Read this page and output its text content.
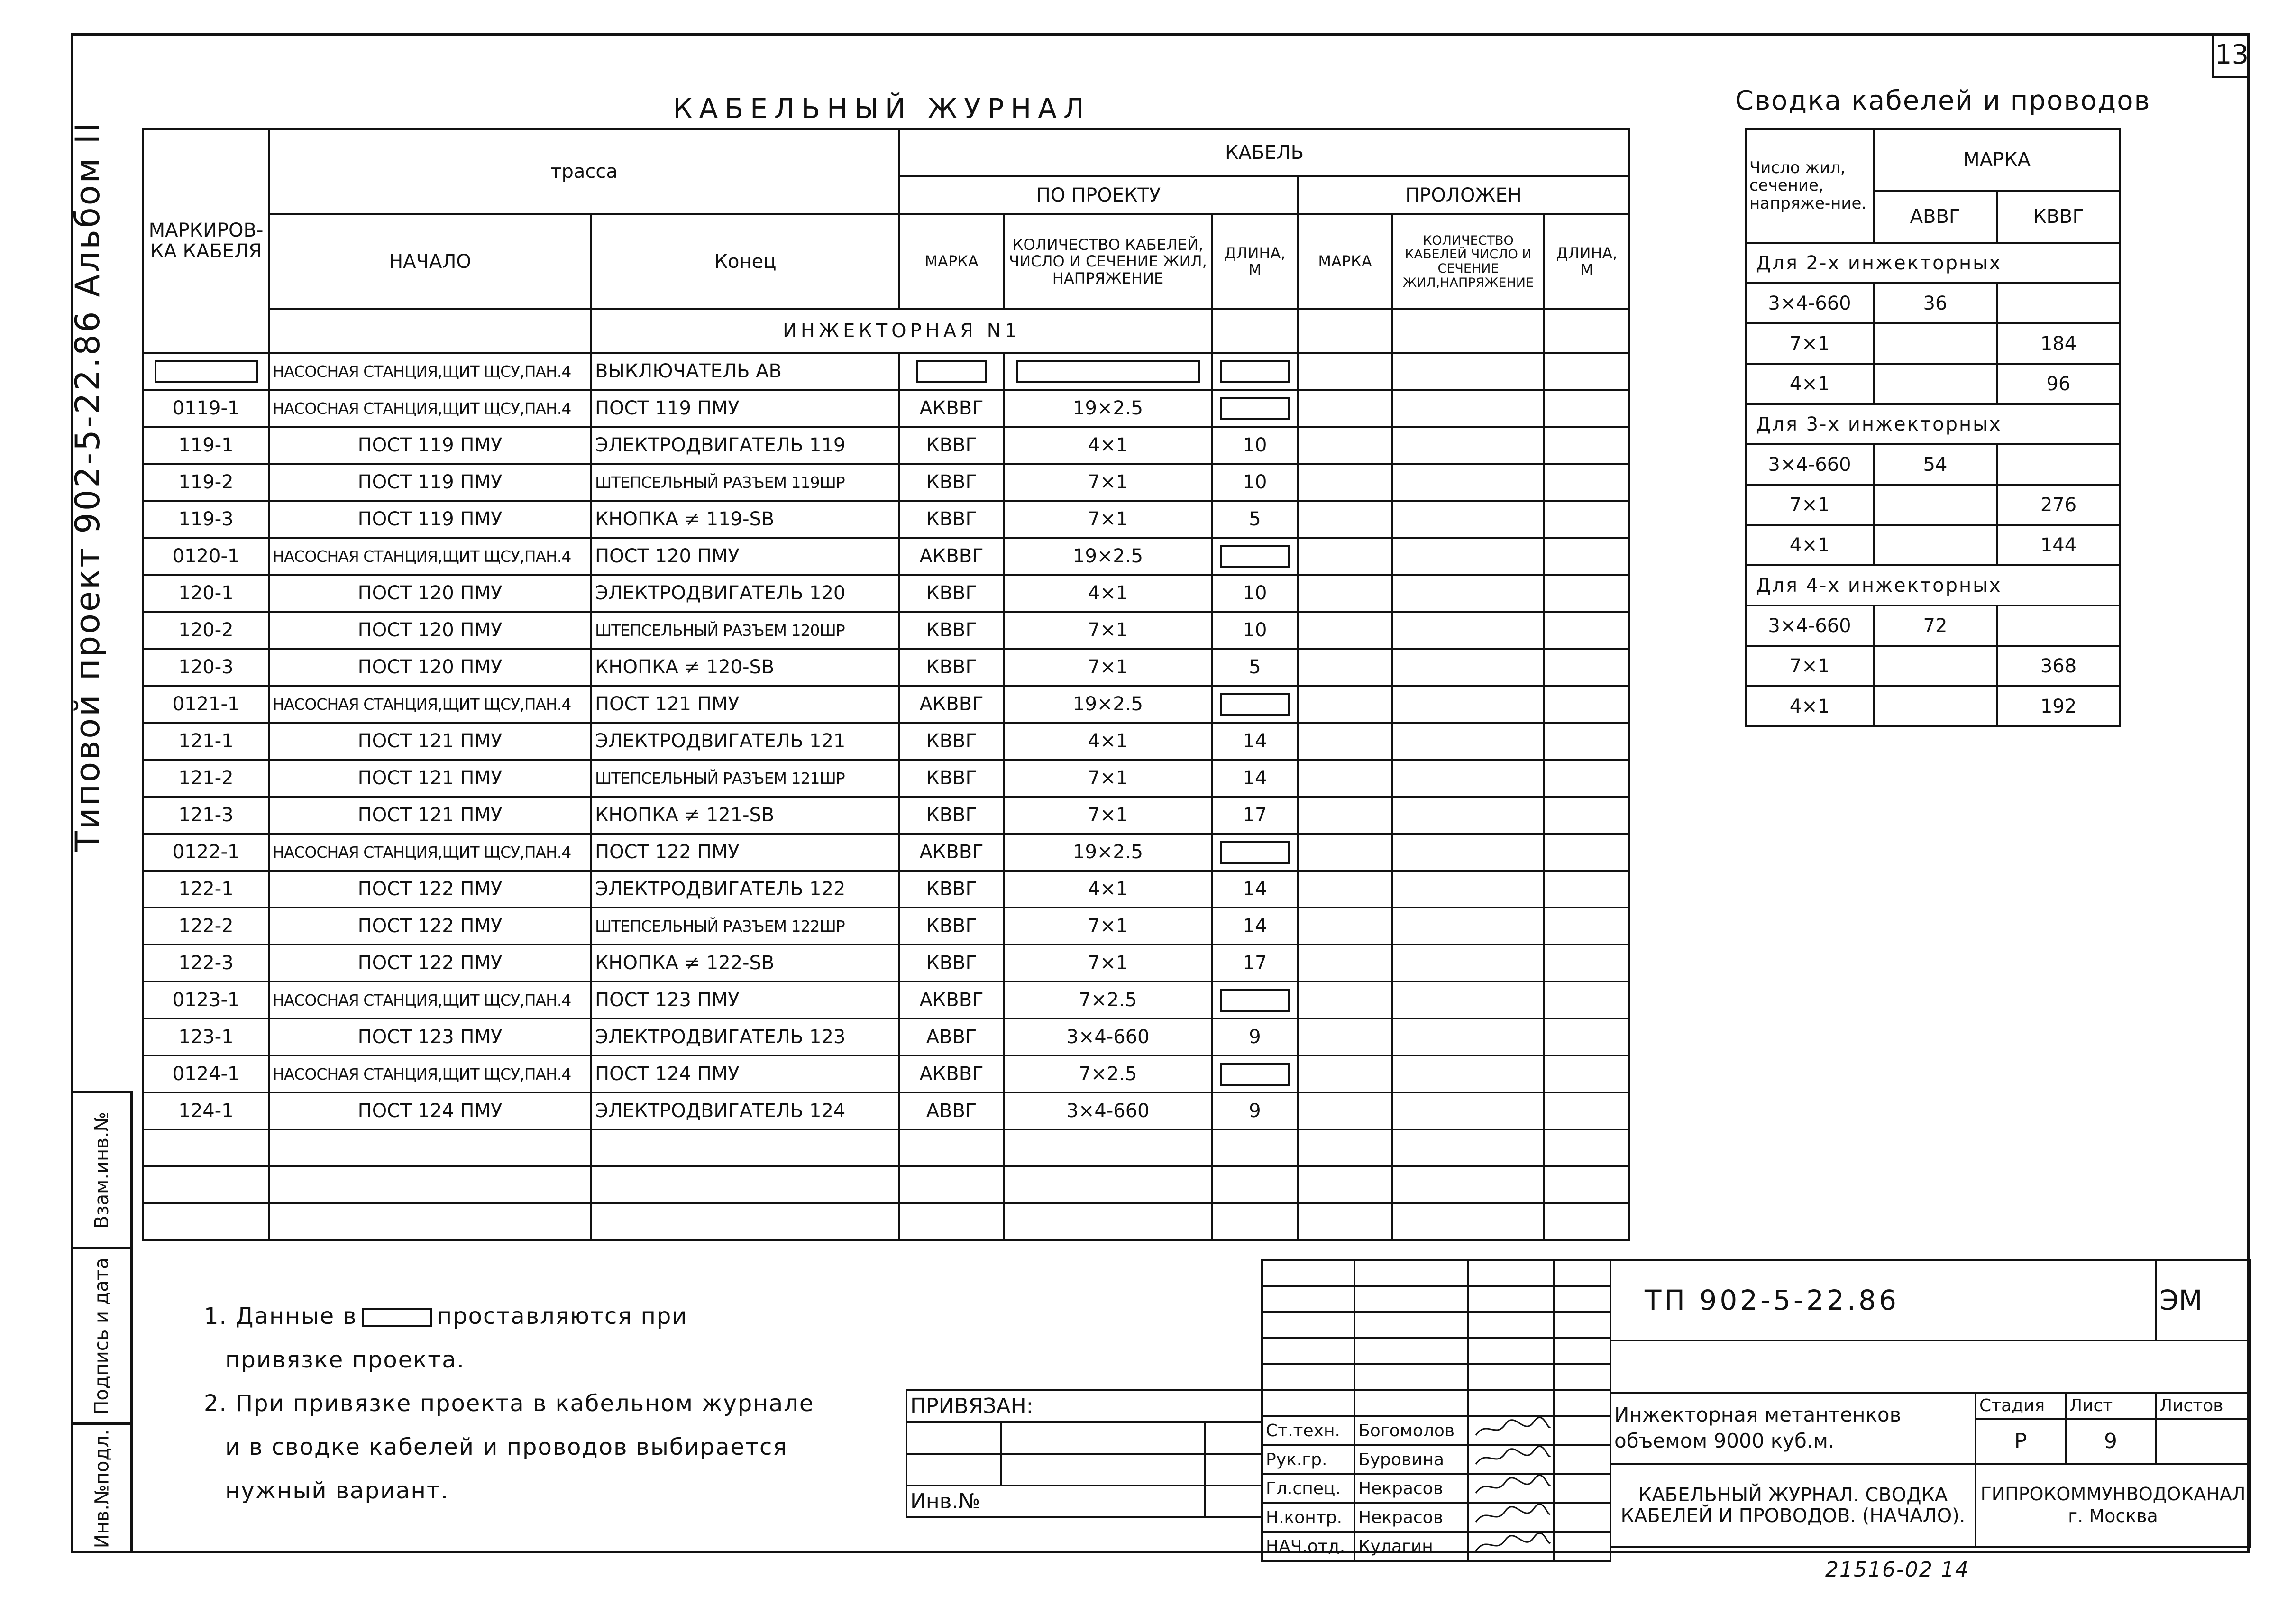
13
Типовой проект 902-5-22.86 Альбом II
Инв.№подл.
Подпись и дата
Взам.инв.№
КАБЕЛЬНЫЙ ЖУРНАЛ
МАРКИРОВ-КА КАБЕЛЯ	трасса		КАБЕЛЬ					
			ПО ПРОЕКТУ			ПРОЛОЖЕН		
	НАЧАЛО	Конец	МАРКА	КОЛИЧЕСТВО КАБЕЛЕЙ, ЧИСЛО И СЕЧЕНИЕ ЖИЛ, НАПРЯЖЕНИЕ	ДЛИНА, М	МАРКА	КОЛИЧЕСТВО КАБЕЛЕЙ ЧИСЛО И СЕЧЕНИЕ ЖИЛ,НАПРЯЖЕНИЕ	ДЛИНА, М
		ИНЖЕКТОРНАЯ N1						
	НАСОСНАЯ СТАНЦИЯ,ЩИТ ЩСУ,ПАН.4	ВЫКЛЮЧАТЕЛЬ АВ						
0119-1	НАСОСНАЯ СТАНЦИЯ,ЩИТ ЩСУ,ПАН.4	ПОСТ 119 ПМУ	АКВВГ	19×2.5				
119-1	ПОСТ 119 ПМУ	ЭЛЕКТРОДВИГАТЕЛЬ 119	КВВГ	4×1	10			
119-2	ПОСТ 119 ПМУ	ШТЕПСЕЛЬНЫЙ РАЗЪЕМ 119ШР	КВВГ	7×1	10			
119-3	ПОСТ 119 ПМУ	КНОПКА ≠ 119-SB	КВВГ	7×1	5			
0120-1	НАСОСНАЯ СТАНЦИЯ,ЩИТ ЩСУ,ПАН.4	ПОСТ 120 ПМУ	АКВВГ	19×2.5				
120-1	ПОСТ 120 ПМУ	ЭЛЕКТРОДВИГАТЕЛЬ 120	КВВГ	4×1	10			
120-2	ПОСТ 120 ПМУ	ШТЕПСЕЛЬНЫЙ РАЗЪЕМ 120ШР	КВВГ	7×1	10			
120-3	ПОСТ 120 ПМУ	КНОПКА ≠ 120-SB	КВВГ	7×1	5			
0121-1	НАСОСНАЯ СТАНЦИЯ,ЩИТ ЩСУ,ПАН.4	ПОСТ 121 ПМУ	АКВВГ	19×2.5				
121-1	ПОСТ 121 ПМУ	ЭЛЕКТРОДВИГАТЕЛЬ 121	КВВГ	4×1	14			
121-2	ПОСТ 121 ПМУ	ШТЕПСЕЛЬНЫЙ РАЗЪЕМ 121ШР	КВВГ	7×1	14			
121-3	ПОСТ 121 ПМУ	КНОПКА ≠ 121-SB	КВВГ	7×1	17			
0122-1	НАСОСНАЯ СТАНЦИЯ,ЩИТ ЩСУ,ПАН.4	ПОСТ 122 ПМУ	АКВВГ	19×2.5				
122-1	ПОСТ 122 ПМУ	ЭЛЕКТРОДВИГАТЕЛЬ 122	КВВГ	4×1	14			
122-2	ПОСТ 122 ПМУ	ШТЕПСЕЛЬНЫЙ РАЗЪЕМ 122ШР	КВВГ	7×1	14			
122-3	ПОСТ 122 ПМУ	КНОПКА ≠ 122-SB	КВВГ	7×1	17			
0123-1	НАСОСНАЯ СТАНЦИЯ,ЩИТ ЩСУ,ПАН.4	ПОСТ 123 ПМУ	АКВВГ	7×2.5				
123-1	ПОСТ 123 ПМУ	ЭЛЕКТРОДВИГАТЕЛЬ 123	АВВГ	3×4-660	9			
0124-1	НАСОСНАЯ СТАНЦИЯ,ЩИТ ЩСУ,ПАН.4	ПОСТ 124 ПМУ	АКВВГ	7×2.5				
124-1	ПОСТ 124 ПМУ	ЭЛЕКТРОДВИГАТЕЛЬ 124	АВВГ	3×4-660	9			

Сводка кабелей и проводов
Число жил, сечение, напряже-ние.	МАРКА	
	АВВГ	КВВГ
Для 2-х инжекторных		
3×4-660	36	
7×1		184
4×1		96
Для 3-х инжекторных		
3×4-660	54	
7×1		276
4×1		144
Для 4-х инжекторных		
3×4-660	72	
7×1		368
4×1		192
1. Данные в	проставляются при
привязке проекта.
2. При привязке проекта в кабельном журнале
и в сводке кабелей и проводов выбирается
нужный вариант.
ПРИВЯЗАН:		

Инв.№		

Ст.техн.	Богомолов		
Рук.гр.	Буровина		
Гл.спец.	Некрасов		
Н.контр.	Некрасов		
НАЧ.отд.	Кулагин		
ТП 902-5-22.86			ЭМ

Инжекторная метантенков объемом 9000 куб.м.	Стадия	Лист	Листов
	Р	9	
КАБЕЛЬНЫЙ ЖУРНАЛ. СВОДКА КАБЕЛЕЙ И ПРОВОДОВ. (НАЧАЛО).	ГИПРОКОММУНВОДОКАНАЛ г. Москва		
21516-02 14
